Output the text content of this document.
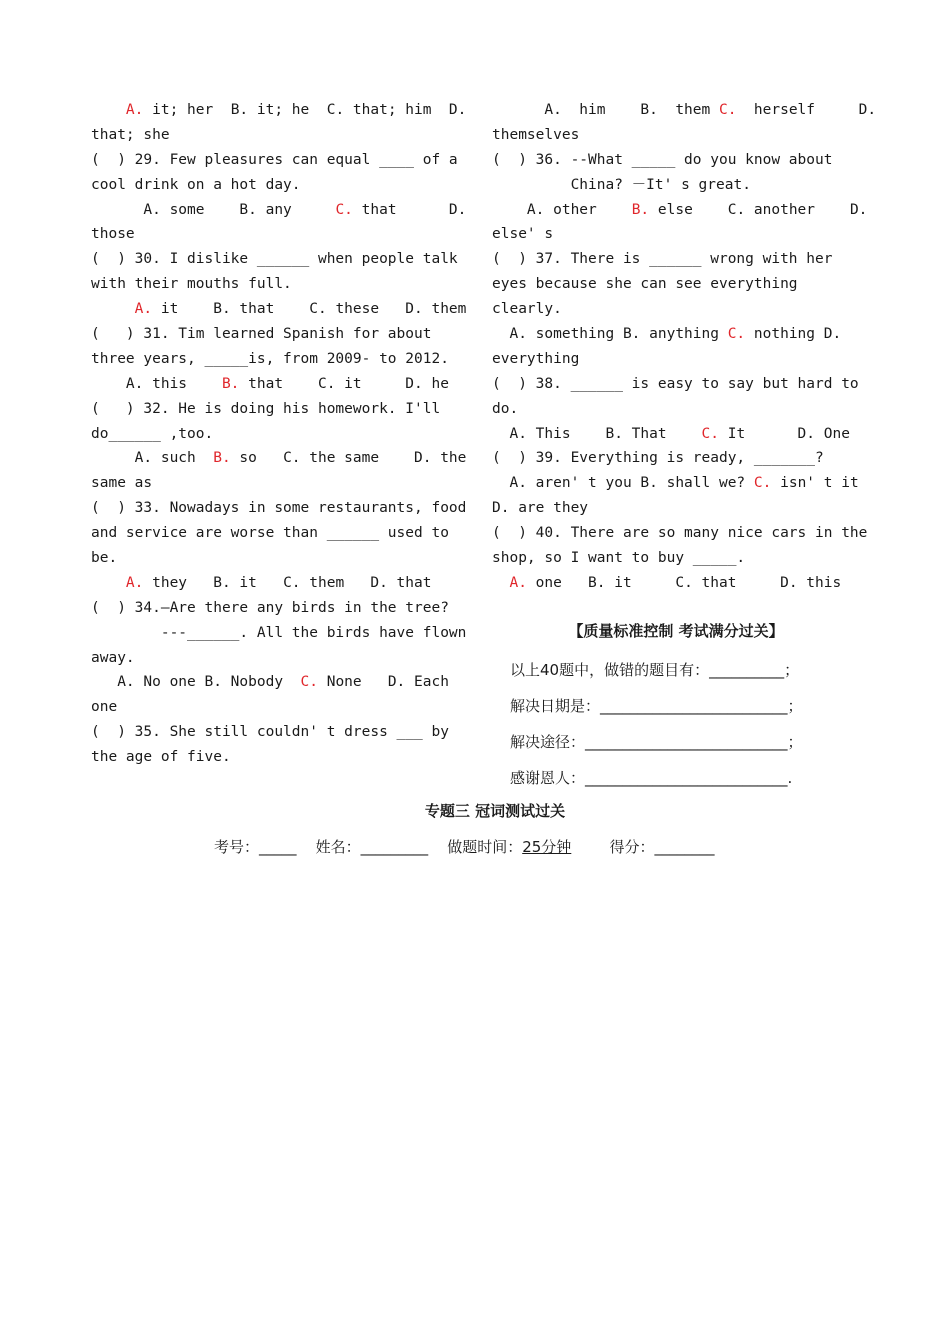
A. it; her  B. it; he  C. that; him  D.
that; she
(  ) 29. Few pleasures can equal ____ of a
cool drink on a hot day.
A. some    B. any     C. that      D.
those
(  ) 30. I dislike ______ when people talk
with their mouths full.
A. it    B. that    C. these   D. them
(   ) 31. Tim learned Spanish for about
three years, _____is, from 2009- to 2012.
A. this    B. that    C. it     D. he
(   ) 32. He is doing his homework. I'll
do______ ,too.
A. such  B. so   C. the same    D. the
same as
(  ) 33. Nowadays in some restaurants, food
and service are worse than ______ used to
be.
A. they   B. it   C. them   D. that
(  ) 34.—Are there any birds in the tree?
---______. All the birds have flown
away.
A. No one B. Nobody  C. None   D. Each
one
(  ) 35. She still couldn' t dress ___ by
the age of five.
A.  him    B.  them C.  herself     D.
themselves
(  ) 36. --What _____ do you know about
China? －It' s great.
A. other    B. else    C. another    D.
else' s
(  ) 37. There is ______ wrong with her
eyes because she can see everything
clearly.
A. something B. anything C. nothing D.
everything
(  ) 38. ______ is easy to say but hard to
do.
A. This    B. That    C. It      D. One
(  ) 39. Everything is ready, _______?
A. aren' t you B. shall we? C. isn' t it
D. are they
(  ) 40. There are so many nice cars in the
shop, so I want to buy _____.
A. one   B. it     C. that     D. this
【质量标准控制 考试满分过关】
以上40题中，做错的题目有：__________；
解决日期是：_________________________；
解决途径：___________________________；
感谢恩人：___________________________.
专题三 冠词测试过关
考号：_____ 姓名：_________ 做题时间：25分钟	得分：________
